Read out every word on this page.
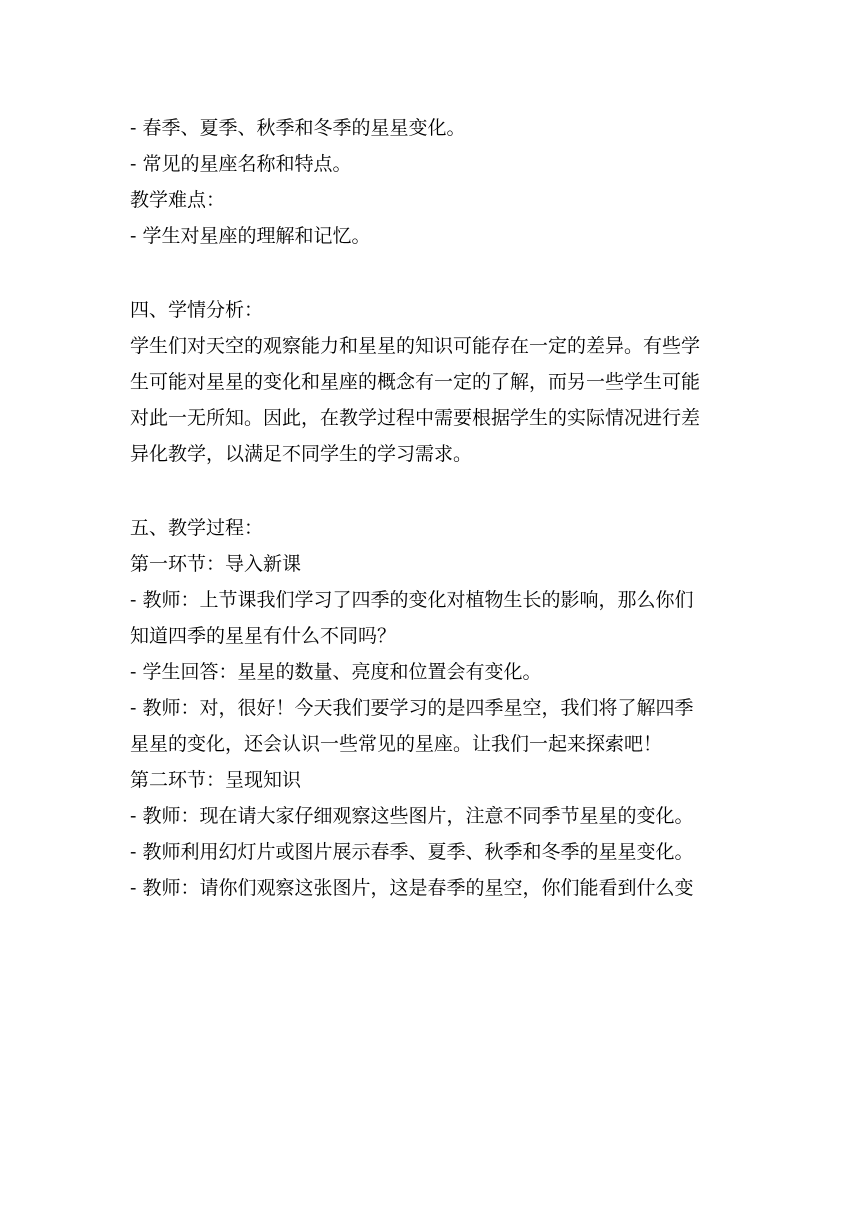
- 春季、夏季、秋季和冬季的星星变化。

- 常见的星座名称和特点。

教学难点：

- 学生对星座的理解和记忆。

四、学情分析：

学生们对天空的观察能力和星星的知识可能存在一定的差异。有些学

生可能对星星的变化和星座的概念有一定的了解，而另一些学生可能

对此一无所知。因此，在教学过程中需要根据学生的实际情况进行差

异化教学，以满足不同学生的学习需求。

五、教学过程：

第一环节：导入新课

- 教师：上节课我们学习了四季的变化对植物生长的影响，那么你们

知道四季的星星有什么不同吗？

- 学生回答：星星的数量、亮度和位置会有变化。

- 教师：对，很好！今天我们要学习的是四季星空，我们将了解四季

星星的变化，还会认识一些常见的星座。让我们一起来探索吧！

第二环节：呈现知识

- 教师：现在请大家仔细观察这些图片，注意不同季节星星的变化。

- 教师利用幻灯片或图片展示春季、夏季、秋季和冬季的星星变化。

- 教师：请你们观察这张图片，这是春季的星空，你们能看到什么变
